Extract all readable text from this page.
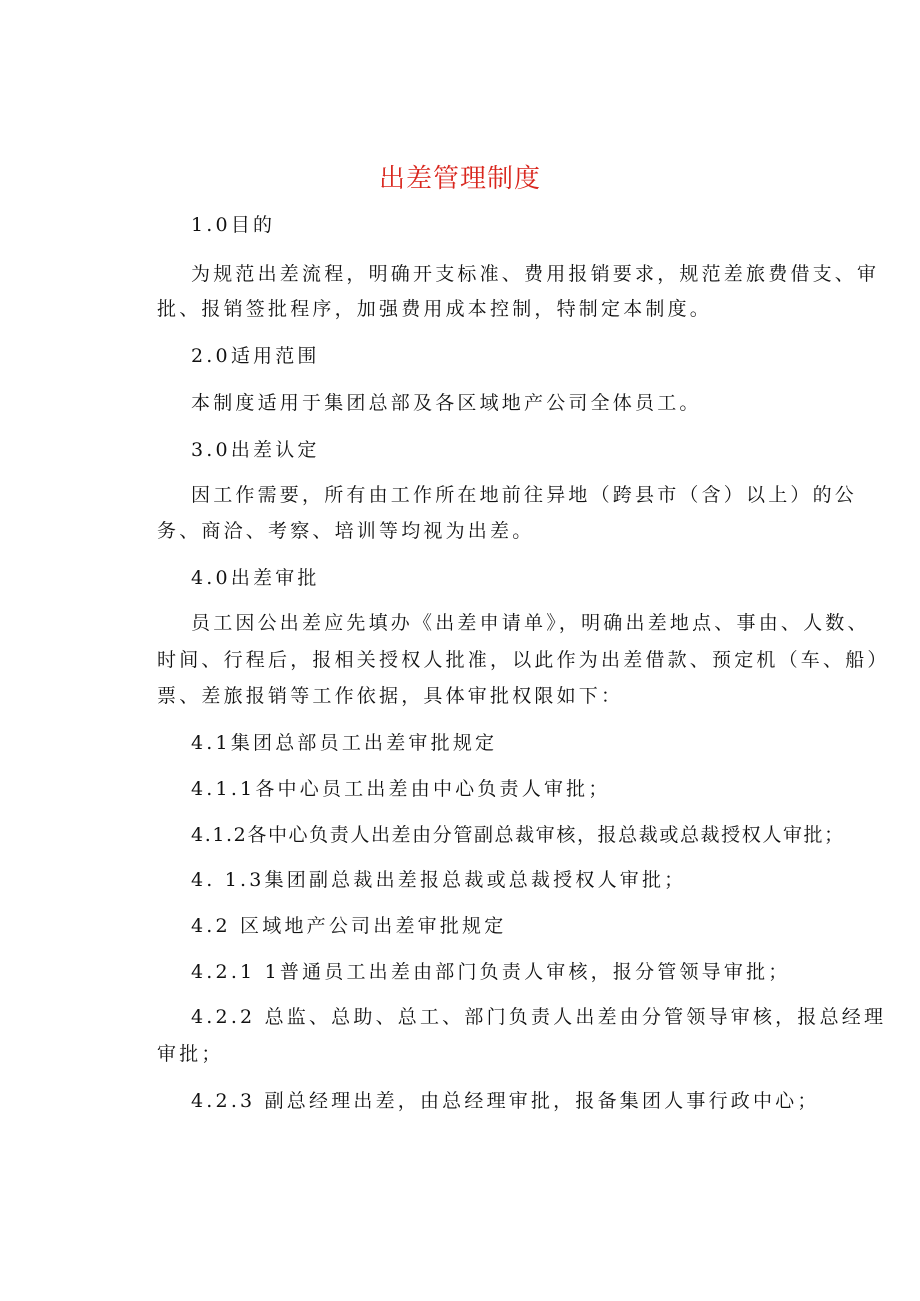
出差管理制度
1.0目的
为规范出差流程，明确开支标准、费用报销要求，规范差旅费借支、审
批、报销签批程序，加强费用成本控制，特制定本制度。
2.0适用范围
本制度适用于集团总部及各区域地产公司全体员工。
3.0出差认定
因工作需要，所有由工作所在地前往异地（跨县市（含）以上）的公
务、商洽、考察、培训等均视为出差。
4.0出差审批
员工因公出差应先填办《出差申请单》，明确出差地点、事由、人数、
时间、行程后，报相关授权人批准，以此作为出差借款、预定机（车、船）
票、差旅报销等工作依据，具体审批权限如下：
4.1集团总部员工出差审批规定
4.1.1各中心员工出差由中心负责人审批；
4.1.2各中心负责人出差由分管副总裁审核，报总裁或总裁授权人审批；
4. 1.3集团副总裁出差报总裁或总裁授权人审批；
4.2 区域地产公司出差审批规定
4.2.1 1普通员工出差由部门负责人审核，报分管领导审批；
4.2.2 总监、总助、总工、部门负责人出差由分管领导审核，报总经理
审批；
4.2.3 副总经理出差，由总经理审批，报备集团人事行政中心；
